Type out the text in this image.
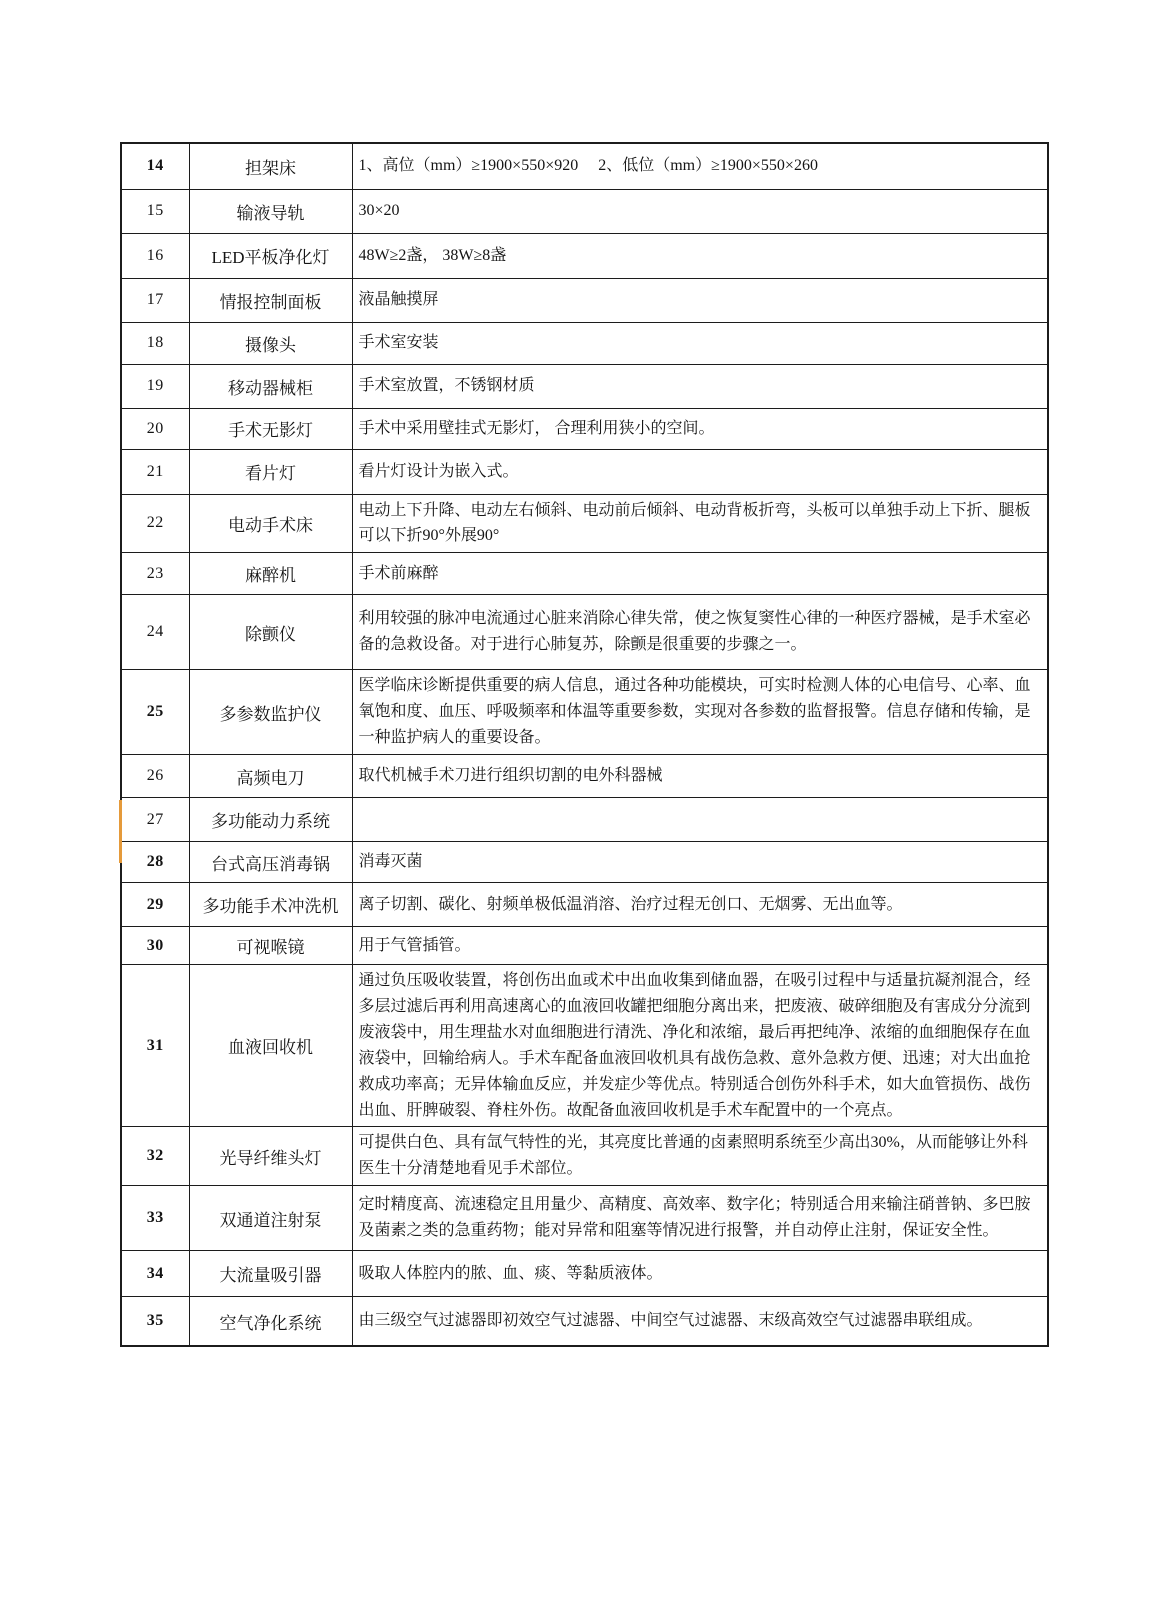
14	担架床	1、高位（mm）≥1900×550×920　 2、低位（mm）≥1900×550×260
15	输液导轨	30×20
16	LED平板净化灯	48W≥2盏， 38W≥8盏
17	情报控制面板	液晶触摸屏
18	摄像头	手术室安装
19	移动器械柜	手术室放置，不锈钢材质
20	手术无影灯	手术中采用壁挂式无影灯， 合理利用狭小的空间。
21	看片灯	看片灯设计为嵌入式。
22	电动手术床	电动上下升降、电动左右倾斜、电动前后倾斜、电动背板折弯，头板可以单独手动上下折、腿板可以下折90°外展90°
23	麻醉机	手术前麻醉
24	除颤仪	利用较强的脉冲电流通过心脏来消除心律失常，使之恢复窦性心律的一种医疗器械，是手术室必备的急救设备。对于进行心肺复苏，除颤是很重要的步骤之一。
25	多参数监护仪	医学临床诊断提供重要的病人信息，通过各种功能模块，可实时检测人体的心电信号、心率、血氧饱和度、血压、呼吸频率和体温等重要参数，实现对各参数的监督报警。信息存储和传输，是一种监护病人的重要设备。
26	高频电刀	取代机械手术刀进行组织切割的电外科器械
27	多功能动力系统	
28	台式高压消毒锅	消毒灭菌
29	多功能手术冲洗机	离子切割、碳化、射频单极低温消溶、治疗过程无创口、无烟雾、无出血等。
30	可视喉镜	用于气管插管。
31	血液回收机	通过负压吸收装置，将创伤出血或术中出血收集到储血器，在吸引过程中与适量抗凝剂混合，经多层过滤后再利用高速离心的血液回收罐把细胞分离出来，把废液、破碎细胞及有害成分分流到废液袋中，用生理盐水对血细胞进行清洗、净化和浓缩，最后再把纯净、浓缩的血细胞保存在血液袋中，回输给病人。手术车配备血液回收机具有战伤急救、意外急救方便、迅速；对大出血抢救成功率高；无异体输血反应，并发症少等优点。特别适合创伤外科手术，如大血管损伤、战伤出血、肝脾破裂、脊柱外伤。故配备血液回收机是手术车配置中的一个亮点。
32	光导纤维头灯	可提供白色、具有氙气特性的光，其亮度比普通的卤素照明系统至少高出30%，从而能够让外科医生十分清楚地看见手术部位。
33	双通道注射泵	定时精度高、流速稳定且用量少、高精度、高效率、数字化；特别适合用来输注硝普钠、多巴胺及菌素之类的急重药物；能对异常和阻塞等情况进行报警，并自动停止注射，保证安全性。
34	大流量吸引器	吸取人体腔内的脓、血、痰、等黏质液体。
35	空气净化系统	由三级空气过滤器即初效空气过滤器、中间空气过滤器、末级高效空气过滤器串联组成。
